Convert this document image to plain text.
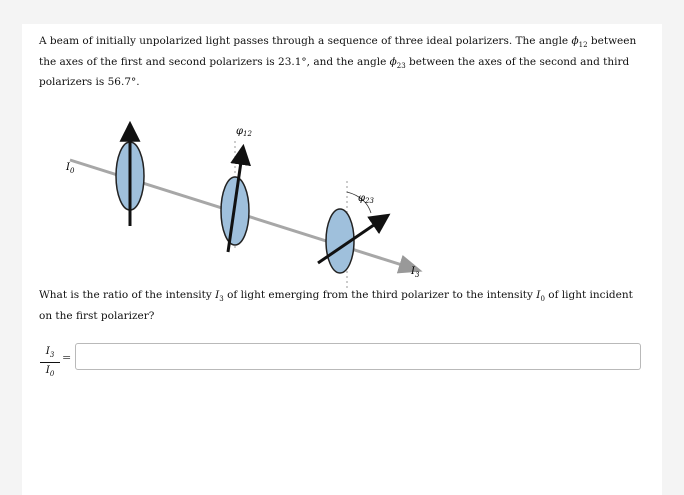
A beam of initially unpolarized light passes through a sequence of three ideal polarizers. The angle $\phi_{12}$ between the axes of the first and second polarizers is 23.1°, and the angle $\phi_{23}$ between the axes of the second and third polarizers is 56.7°.
$I_0$
$\varphi_{12}$
$\varphi_{23}$
$I_3$
What is the ratio of the intensity $I_3$ of light emerging from the third polarizer to the intensity $I_0$ of light incident on the first polarizer?
$I_3$
$I_0$
=
